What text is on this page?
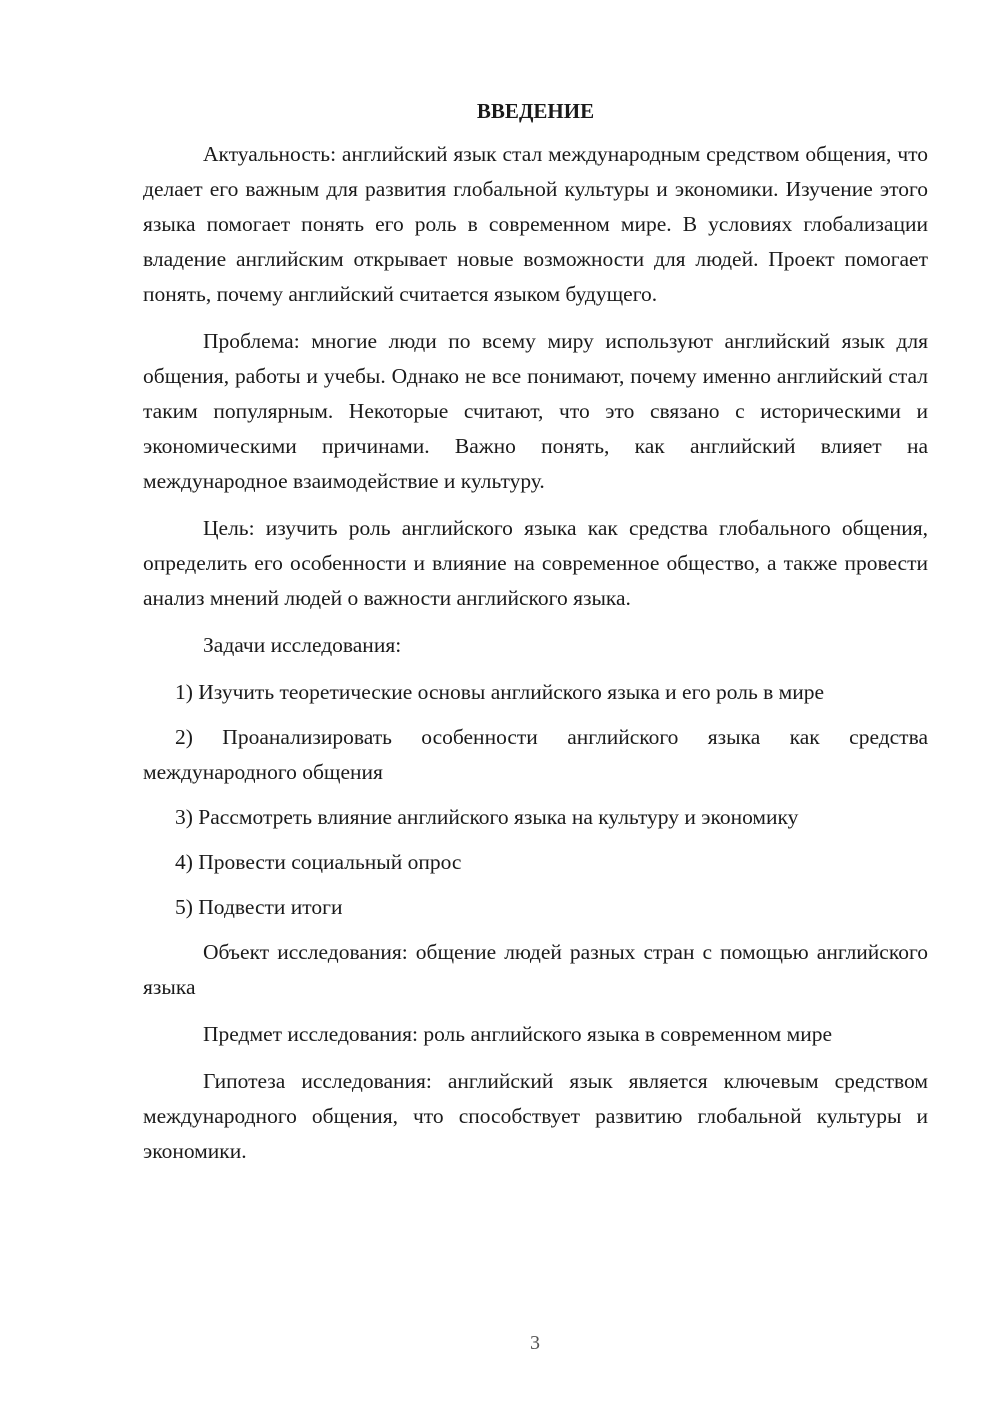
ВВЕДЕНИЕ

Актуальность: английский язык стал международным средством общения, что делает его важным для развития глобальной культуры и экономики. Изучение этого языка помогает понять его роль в современном мире. В условиях глобализации владение английским открывает новые возможности для людей. Проект помогает понять, почему английский считается языком будущего.

Проблема: многие люди по всему миру используют английский язык для общения, работы и учебы. Однако не все понимают, почему именно английский стал таким популярным. Некоторые считают, что это связано с историческими и экономическими причинами. Важно понять, как английский влияет на международное взаимодействие и культуру.

Цель: изучить роль английского языка как средства глобального общения, определить его особенности и влияние на современное общество, а также провести анализ мнений людей о важности английского языка.

Задачи исследования:

1) Изучить теоретические основы английского языка и его роль в мире

2) Проанализировать особенности английского языка как средства международного общения

3) Рассмотреть влияние английского языка на культуру и экономику

4) Провести социальный опрос

5) Подвести итоги

Объект исследования: общение людей разных стран с помощью английского языка

Предмет исследования: роль английского языка в современном мире

Гипотеза исследования: английский язык является ключевым средством международного общения, что способствует развитию глобальной культуры и экономики.

3
